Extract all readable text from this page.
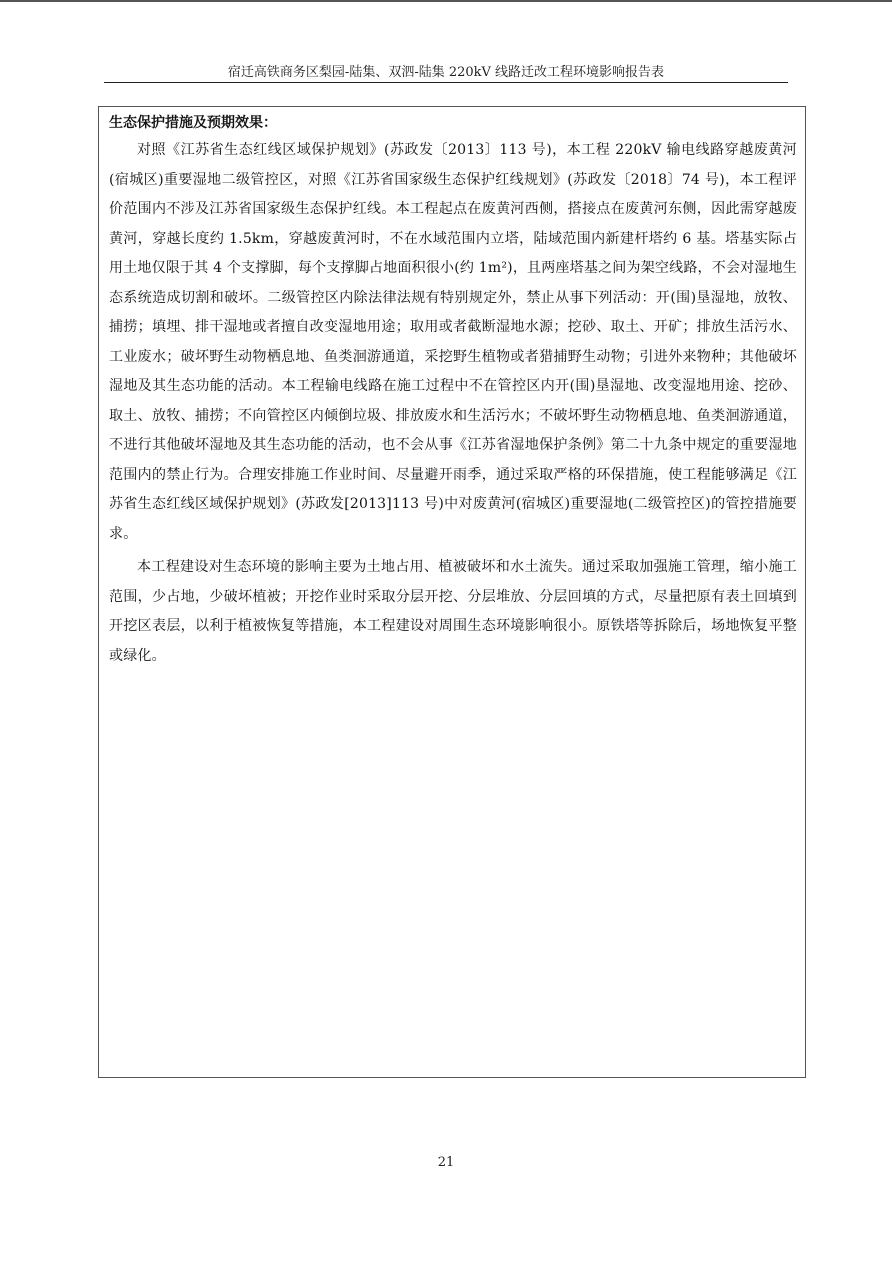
宿迁高铁商务区梨园-陆集、双泗-陆集 220kV 线路迁改工程环境影响报告表

生态保护措施及预期效果：

对照《江苏省生态红线区域保护规划》(苏政发〔2013〕113 号)，本工程 220kV 输电线路穿越废黄河(宿城区)重要湿地二级管控区，对照《江苏省国家级生态保护红线规划》(苏政发〔2018〕74 号)，本工程评价范围内不涉及江苏省国家级生态保护红线。本工程起点在废黄河西侧，搭接点在废黄河东侧，因此需穿越废黄河，穿越长度约 1.5km，穿越废黄河时，不在水域范围内立塔，陆域范围内新建杆塔约 6 基。塔基实际占用土地仅限于其 4 个支撑脚，每个支撑脚占地面积很小(约 1m²)，且两座塔基之间为架空线路，不会对湿地生态系统造成切割和破坏。二级管控区内除法律法规有特别规定外，禁止从事下列活动：开(围)垦湿地，放牧、捕捞；填埋、排干湿地或者擅自改变湿地用途；取用或者截断湿地水源；挖砂、取土、开矿；排放生活污水、工业废水；破坏野生动物栖息地、鱼类洄游通道，采挖野生植物或者猎捕野生动物；引进外来物种；其他破坏湿地及其生态功能的活动。本工程输电线路在施工过程中不在管控区内开(围)垦湿地、改变湿地用途、挖砂、取土、放牧、捕捞；不向管控区内倾倒垃圾、排放废水和生活污水；不破坏野生动物栖息地、鱼类洄游通道，不进行其他破坏湿地及其生态功能的活动，也不会从事《江苏省湿地保护条例》第二十九条中规定的重要湿地范围内的禁止行为。合理安排施工作业时间、尽量避开雨季，通过采取严格的环保措施，使工程能够满足《江苏省生态红线区域保护规划》(苏政发[2013]113 号)中对废黄河(宿城区)重要湿地(二级管控区)的管控措施要求。

本工程建设对生态环境的影响主要为土地占用、植被破坏和水土流失。通过采取加强施工管理，缩小施工范围，少占地，少破坏植被；开挖作业时采取分层开挖、分层堆放、分层回填的方式，尽量把原有表土回填到开挖区表层，以利于植被恢复等措施，本工程建设对周围生态环境影响很小。原铁塔等拆除后，场地恢复平整或绿化。

21
